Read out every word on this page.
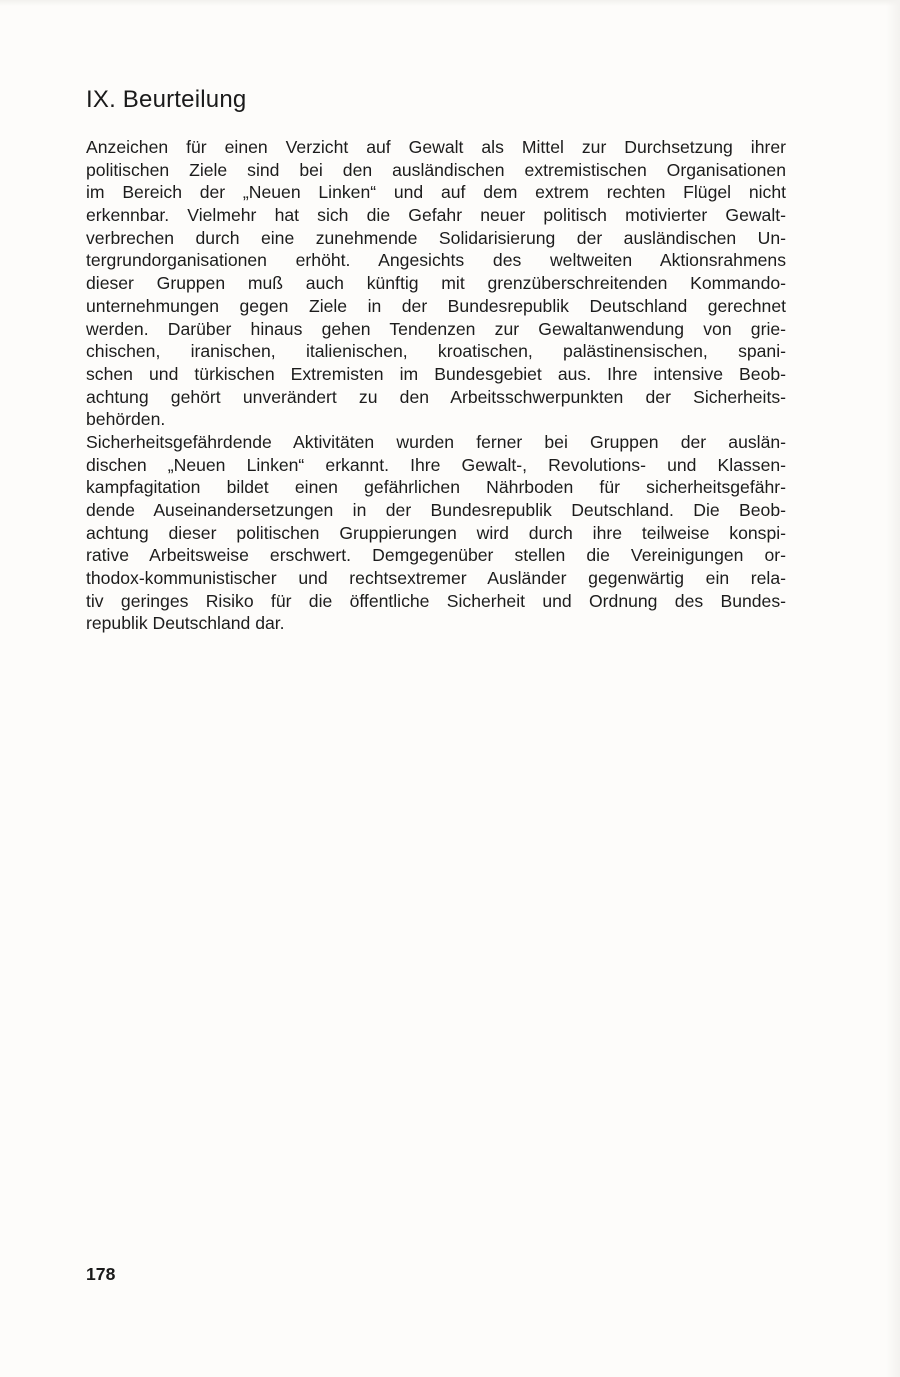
IX. Beurteilung
Anzeichen für einen Verzicht auf Gewalt als Mittel zur Durchsetzung ihrer
politischen Ziele sind bei den ausländischen extremistischen Organisationen
im Bereich der „Neuen Linken“ und auf dem extrem rechten Flügel nicht
erkennbar. Vielmehr hat sich die Gefahr neuer politisch motivierter Gewalt-
verbrechen durch eine zunehmende Solidarisierung der ausländischen Un-
tergrundorganisationen erhöht. Angesichts des weltweiten Aktionsrahmens
dieser Gruppen muß auch künftig mit grenzüberschreitenden Kommando-
unternehmungen gegen Ziele in der Bundesrepublik Deutschland gerechnet
werden. Darüber hinaus gehen Tendenzen zur Gewaltanwendung von grie-
chischen, iranischen, italienischen, kroatischen, palästinensischen, spani-
schen und türkischen Extremisten im Bundesgebiet aus. Ihre intensive Beob-
achtung gehört unverändert zu den Arbeitsschwerpunkten der Sicherheits-
behörden.
Sicherheitsgefährdende Aktivitäten wurden ferner bei Gruppen der auslän-
dischen „Neuen Linken“ erkannt. Ihre Gewalt-, Revolutions- und Klassen-
kampfagitation bildet einen gefährlichen Nährboden für sicherheitsgefähr-
dende Auseinandersetzungen in der Bundesrepublik Deutschland. Die Beob-
achtung dieser politischen Gruppierungen wird durch ihre teilweise konspi-
rative Arbeitsweise erschwert. Demgegenüber stellen die Vereinigungen or-
thodox-kommunistischer und rechtsextremer Ausländer gegenwärtig ein rela-
tiv geringes Risiko für die öffentliche Sicherheit und Ordnung des Bundes-
republik Deutschland dar.
178
